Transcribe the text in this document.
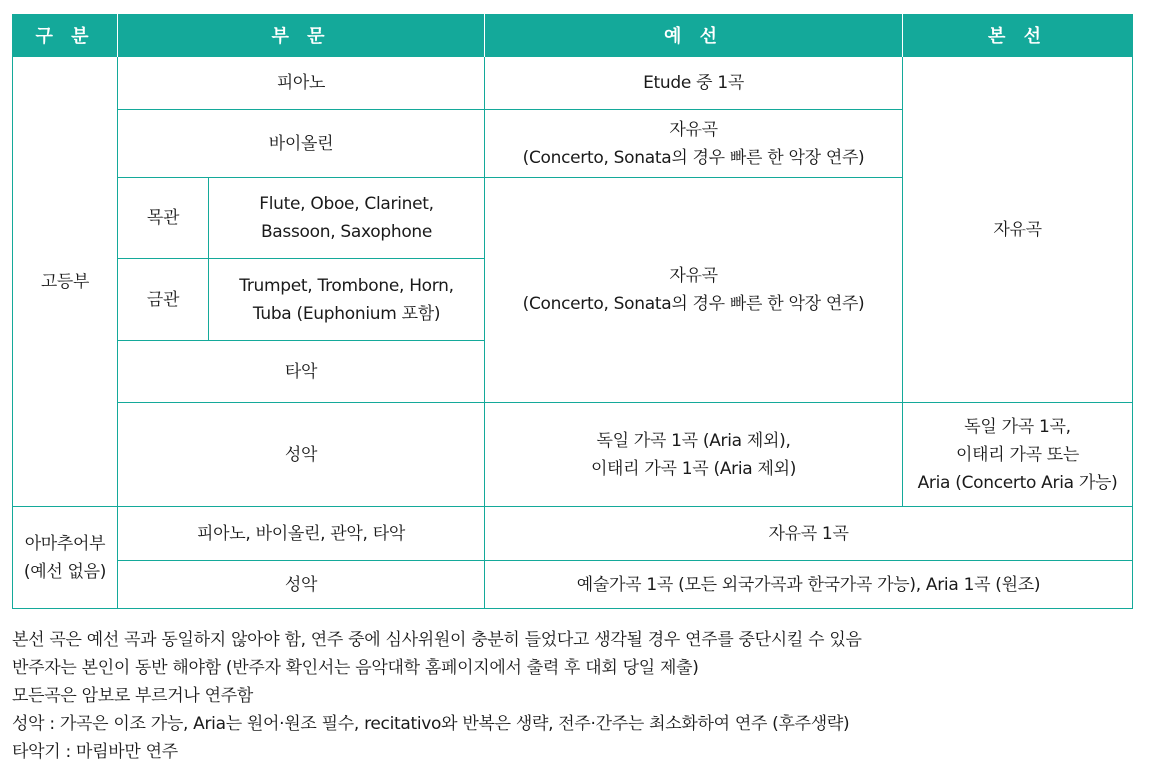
구 분	부 문		예 선	본 선
고등부	피아노		Etude 중 1곡	자유곡
	바이올린		자유곡
(Concerto, Sonata의 경우 빠른 한 악장 연주)	

	목관	Flute, Oboe, Clarinet,
Bassoon, Saxophone	자유곡
(Concerto, Sonata의 경우 빠른 한 악장 연주)	

	금관	Trumpet, Trombone, Horn,
Tuba (Euphonium 포함)		

	타악			
	성악		독일 가곡 1곡 (Aria 제외),
이태리 가곡 1곡 (Aria 제외)	독일 가곡 1곡,
이태리 가곡 또는
Aria (Concerto Aria 가능)

아마추어부
(예선 없음)	피아노, 바이올린, 관악, 타악		자유곡 1곡	
	성악		예술가곡 1곡 (모든 외국가곡과 한국가곡 가능), Aria 1곡 (원조)	
본선 곡은 예선 곡과 동일하지 않아야 함, 연주 중에 심사위원이 충분히 들었다고 생각될 경우 연주를 중단시킬 수 있음
반주자는 본인이 동반 해야함 (반주자 확인서는 음악대학 홈페이지에서 출력 후 대회 당일 제출)
모든곡은 암보로 부르거나 연주함
성악 : 가곡은 이조 가능, Aria는 원어·원조 필수, recitativo와 반복은 생략, 전주·간주는 최소화하여 연주 (후주생략)
타악기 : 마림바만 연주
